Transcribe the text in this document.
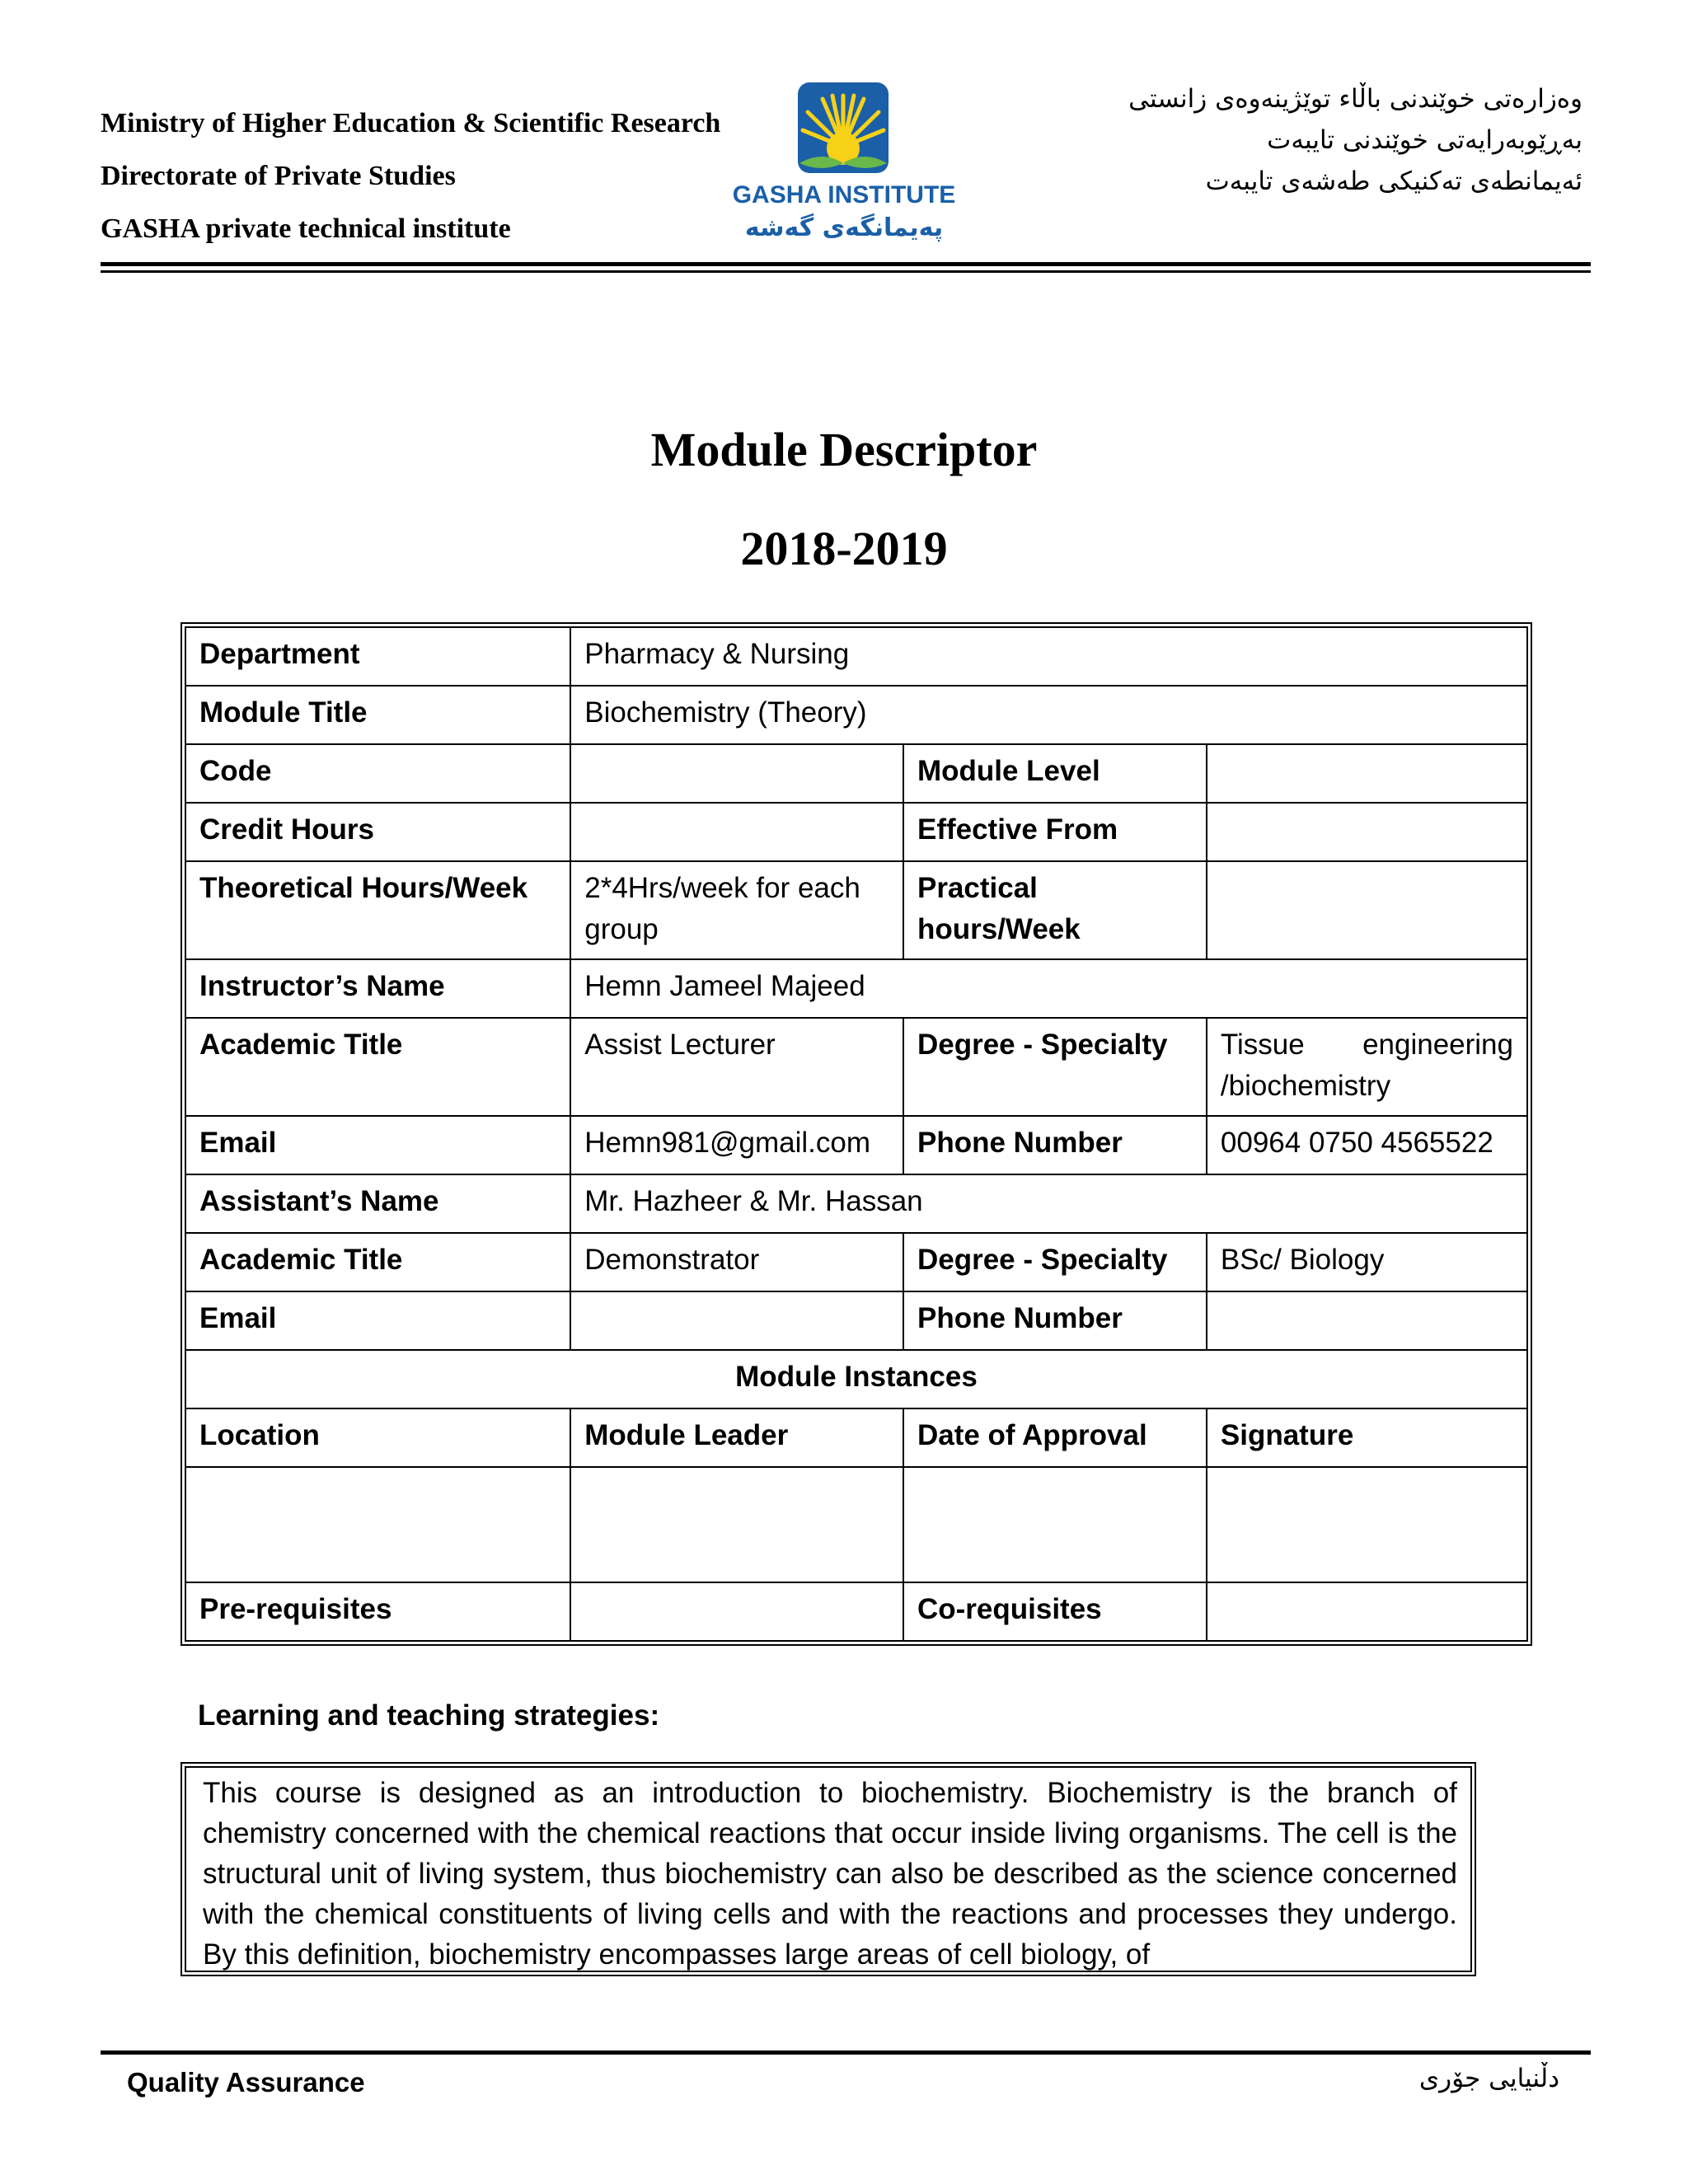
Ministry of Higher Education & Scientific Research
Directorate of Private Studies
GASHA private technical institute
GASHA INSTITUTE
پەیمانگەی گەشە
وەزارەتی خوێندنی باڵاء توێژینەوەی زانستی
بەڕێوبەرایەتی خوێندنی تایبەت
ئەیمانطەی تەکنیکی طەشەی تایبەت
Module Descriptor
2018-2019
Department	Pharmacy & Nursing		
Module Title	Biochemistry (Theory)		
Code		Module Level	
Credit Hours		Effective From	
Theoretical Hours/Week	2*4Hrs/week for each group	Practical hours/Week	
Instructor’s Name	Hemn Jameel Majeed		
Academic Title	Assist Lecturer	Degree - Specialty	Tissue engineering
/biochemistry

Email	Hemn981@gmail.com	Phone Number	00964 0750 4565522
Assistant’s Name	Mr. Hazheer & Mr. Hassan		
Academic Title	Demonstrator	Degree - Specialty	BSc/ Biology
Email		Phone Number	
Module Instances			
Location	Module Leader	Date of Approval	Signature

Pre-requisites		Co-requisites	
Learning and teaching strategies:
This course is designed as an introduction to biochemistry. Biochemistry is the branch of chemistry concerned with the chemical reactions that occur inside living organisms. The cell is the structural unit of living system, thus biochemistry can also be described as the science concerned with the chemical constituents of living cells and with the reactions and processes they undergo. By this definition, biochemistry encompasses large areas of cell biology, of
Quality Assurance	دڵنیایی جۆری
